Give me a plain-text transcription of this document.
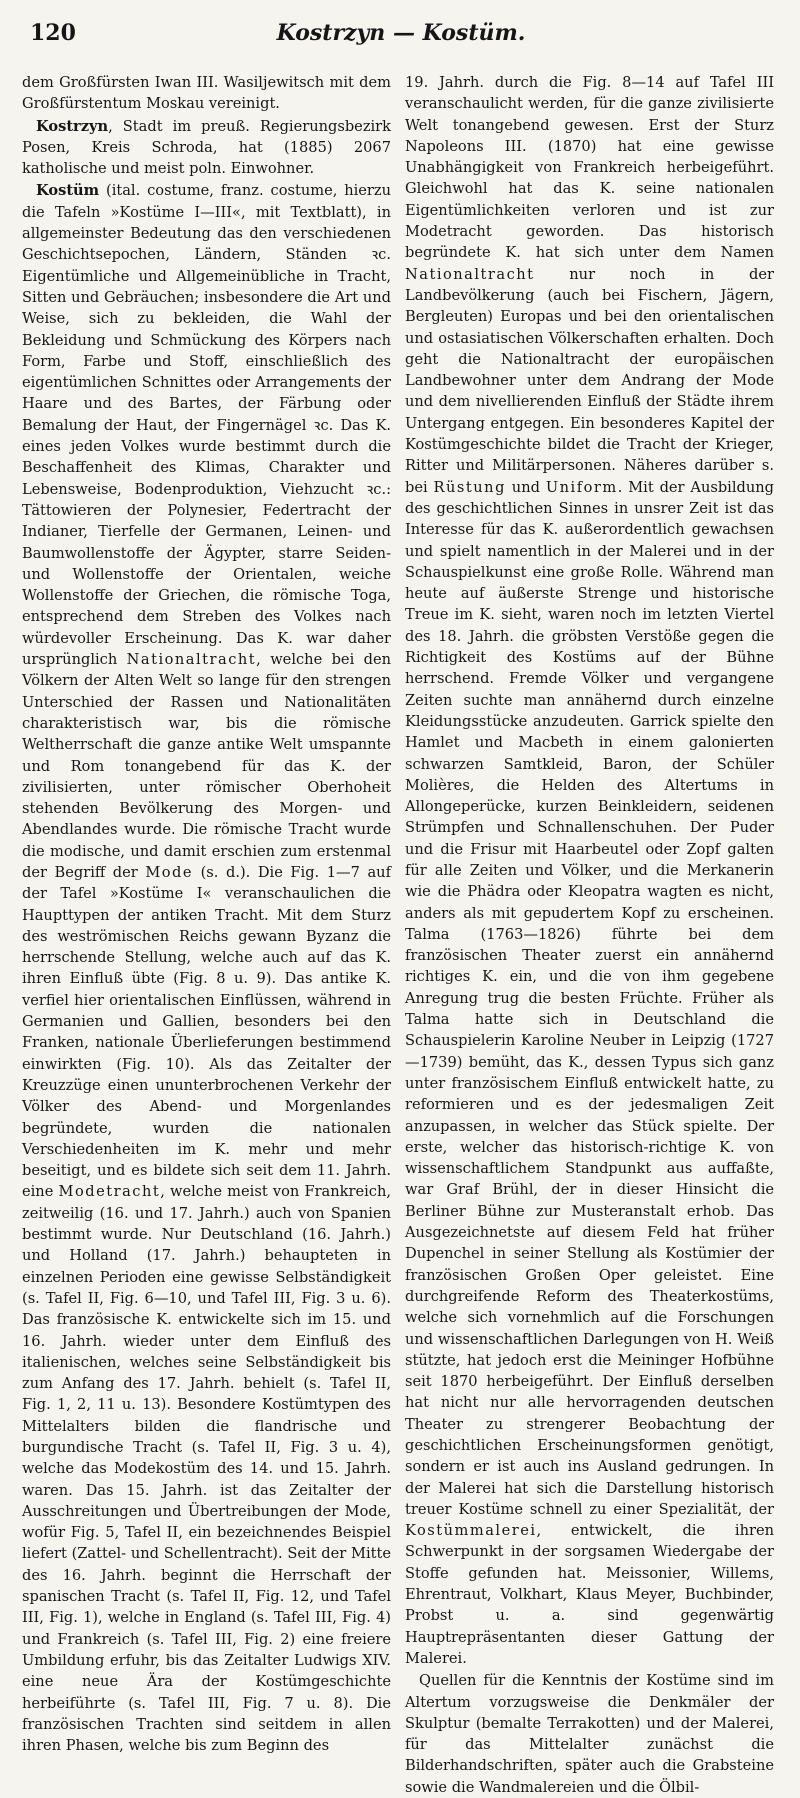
120	Kostrzyn — Kostüm.

dem Großfürsten Iwan III. Wasiljewitsch mit dem Großfürstentum Moskau vereinigt.

Kostrzyn, Stadt im preuß. Regierungsbezirk Posen, Kreis Schroda, hat (1885) 2067 katholische und meist poln. Einwohner.

Kostüm (ital. costume, franz. costume, hierzu die Tafeln »Kostüme I—III«, mit Textblatt), in allgemeinster Bedeutung das den verschiedenen Geschichtsepochen, Ländern, Ständen ꝛc. Eigentümliche und Allgemeinübliche in Tracht, Sitten und Gebräuchen; insbesondere die Art und Weise, sich zu bekleiden, die Wahl der Bekleidung und Schmückung des Körpers nach Form, Farbe und Stoff, einschließlich des eigentümlichen Schnittes oder Arrangements der Haare und des Bartes, der Färbung oder Bemalung der Haut, der Fingernägel ꝛc. Das K. eines jeden Volkes wurde bestimmt durch die Beschaffenheit des Klimas, Charakter und Lebensweise, Bodenproduktion, Viehzucht ꝛc.: Tättowieren der Polynesier, Federtracht der Indianer, Tierfelle der Germanen, Leinen- und Baumwollenstoffe der Ägypter, starre Seiden- und Wollenstoffe der Orientalen, weiche Wollenstoffe der Griechen, die römische Toga, entsprechend dem Streben des Volkes nach würdevoller Erscheinung. Das K. war daher ursprünglich Nationaltracht, welche bei den Völkern der Alten Welt so lange für den strengen Unterschied der Rassen und Nationalitäten charakteristisch war, bis die römische Weltherrschaft die ganze antike Welt umspannte und Rom tonangebend für das K. der zivilisierten, unter römischer Oberhoheit stehenden Bevölkerung des Morgen- und Abendlandes wurde. Die römische Tracht wurde die modische, und damit erschien zum erstenmal der Begriff der Mode (s. d.). Die Fig. 1—7 auf der Tafel »Kostüme I« veranschaulichen die Haupttypen der antiken Tracht. Mit dem Sturz des weströmischen Reichs gewann Byzanz die herrschende Stellung, welche auch auf das K. ihren Einfluß übte (Fig. 8 u. 9). Das antike K. verfiel hier orientalischen Einflüssen, während in Germanien und Gallien, besonders bei den Franken, nationale Überlieferungen bestimmend einwirkten (Fig. 10). Als das Zeitalter der Kreuzzüge einen ununterbrochenen Verkehr der Völker des Abend- und Morgenlandes begründete, wurden die nationalen Verschiedenheiten im K. mehr und mehr beseitigt, und es bildete sich seit dem 11. Jahrh. eine Modetracht, welche meist von Frankreich, zeitweilig (16. und 17. Jahrh.) auch von Spanien bestimmt wurde. Nur Deutschland (16. Jahrh.) und Holland (17. Jahrh.) behaupteten in einzelnen Perioden eine gewisse Selbständigkeit (s. Tafel II, Fig. 6—10, und Tafel III, Fig. 3 u. 6). Das französische K. entwickelte sich im 15. und 16. Jahrh. wieder unter dem Einfluß des italienischen, welches seine Selbständigkeit bis zum Anfang des 17. Jahrh. behielt (s. Tafel II, Fig. 1, 2, 11 u. 13). Besondere Kostümtypen des Mittelalters bilden die flandrische und burgundische Tracht (s. Tafel II, Fig. 3 u. 4), welche das Modekostüm des 14. und 15. Jahrh. waren. Das 15. Jahrh. ist das Zeitalter der Ausschreitungen und Übertreibungen der Mode, wofür Fig. 5, Tafel II, ein bezeichnendes Beispiel liefert (Zattel- und Schellentracht). Seit der Mitte des 16. Jahrh. beginnt die Herrschaft der spanischen Tracht (s. Tafel II, Fig. 12, und Tafel III, Fig. 1), welche in England (s. Tafel III, Fig. 4) und Frankreich (s. Tafel III, Fig. 2) eine freiere Umbildung erfuhr, bis das Zeitalter Ludwigs XIV. eine neue Ära der Kostümgeschichte herbeiführte (s. Tafel III, Fig. 7 u. 8). Die französischen Trachten sind seitdem in allen ihren Phasen, welche bis zum Beginn des

19. Jahrh. durch die Fig. 8—14 auf Tafel III veranschaulicht werden, für die ganze zivilisierte Welt tonangebend gewesen. Erst der Sturz Napoleons III. (1870) hat eine gewisse Unabhängigkeit von Frankreich herbeigeführt. Gleichwohl hat das K. seine nationalen Eigentümlichkeiten verloren und ist zur Modetracht geworden. Das historisch begründete K. hat sich unter dem Namen Nationaltracht nur noch in der Landbevölkerung (auch bei Fischern, Jägern, Bergleuten) Europas und bei den orientalischen und ostasiatischen Völkerschaften erhalten. Doch geht die Nationaltracht der europäischen Landbewohner unter dem Andrang der Mode und dem nivellierenden Einfluß der Städte ihrem Untergang entgegen. Ein besonderes Kapitel der Kostümgeschichte bildet die Tracht der Krieger, Ritter und Militärpersonen. Näheres darüber s. bei Rüstung und Uniform. Mit der Ausbildung des geschichtlichen Sinnes in unsrer Zeit ist das Interesse für das K. außerordentlich gewachsen und spielt namentlich in der Malerei und in der Schauspielkunst eine große Rolle. Während man heute auf äußerste Strenge und historische Treue im K. sieht, waren noch im letzten Viertel des 18. Jahrh. die gröbsten Verstöße gegen die Richtigkeit des Kostüms auf der Bühne herrschend. Fremde Völker und vergangene Zeiten suchte man annähernd durch einzelne Kleidungsstücke anzudeuten. Garrick spielte den Hamlet und Macbeth in einem galonierten schwarzen Samtkleid, Baron, der Schüler Molières, die Helden des Altertums in Allongeperücke, kurzen Beinkleidern, seidenen Strümpfen und Schnallenschuhen. Der Puder und die Frisur mit Haarbeutel oder Zopf galten für alle Zeiten und Völker, und die Merkanerin wie die Phädra oder Kleopatra wagten es nicht, anders als mit gepudertem Kopf zu erscheinen. Talma (1763—1826) führte bei dem französischen Theater zuerst ein annähernd richtiges K. ein, und die von ihm gegebene Anregung trug die besten Früchte. Früher als Talma hatte sich in Deutschland die Schauspielerin Karoline Neuber in Leipzig (1727—1739) bemüht, das K., dessen Typus sich ganz unter französischem Einfluß entwickelt hatte, zu reformieren und es der jedesmaligen Zeit anzupassen, in welcher das Stück spielte. Der erste, welcher das historisch-richtige K. von wissenschaftlichem Standpunkt aus auffaßte, war Graf Brühl, der in dieser Hinsicht die Berliner Bühne zur Musteranstalt erhob. Das Ausgezeichnetste auf diesem Feld hat früher Dupenchel in seiner Stellung als Kostümier der französischen Großen Oper geleistet. Eine durchgreifende Reform des Theaterkostüms, welche sich vornehmlich auf die Forschungen und wissenschaftlichen Darlegungen von H. Weiß stützte, hat jedoch erst die Meininger Hofbühne seit 1870 herbeigeführt. Der Einfluß derselben hat nicht nur alle hervorragenden deutschen Theater zu strengerer Beobachtung der geschichtlichen Erscheinungsformen genötigt, sondern er ist auch ins Ausland gedrungen. In der Malerei hat sich die Darstellung historisch treuer Kostüme schnell zu einer Spezialität, der Kostümmalerei, entwickelt, die ihren Schwerpunkt in der sorgsamen Wiedergabe der Stoffe gefunden hat. Meissonier, Willems, Ehrentraut, Volkhart, Klaus Meyer, Buchbinder, Probst u. a. sind gegenwärtig Hauptrepräsentanten dieser Gattung der Malerei.

Quellen für die Kenntnis der Kostüme sind im Altertum vorzugsweise die Denkmäler der Skulptur (bemalte Terrakotten) und der Malerei, für das Mittelalter zunächst die Bilderhandschriften, später auch die Grabsteine sowie die Wandmalereien und die Ölbil-
